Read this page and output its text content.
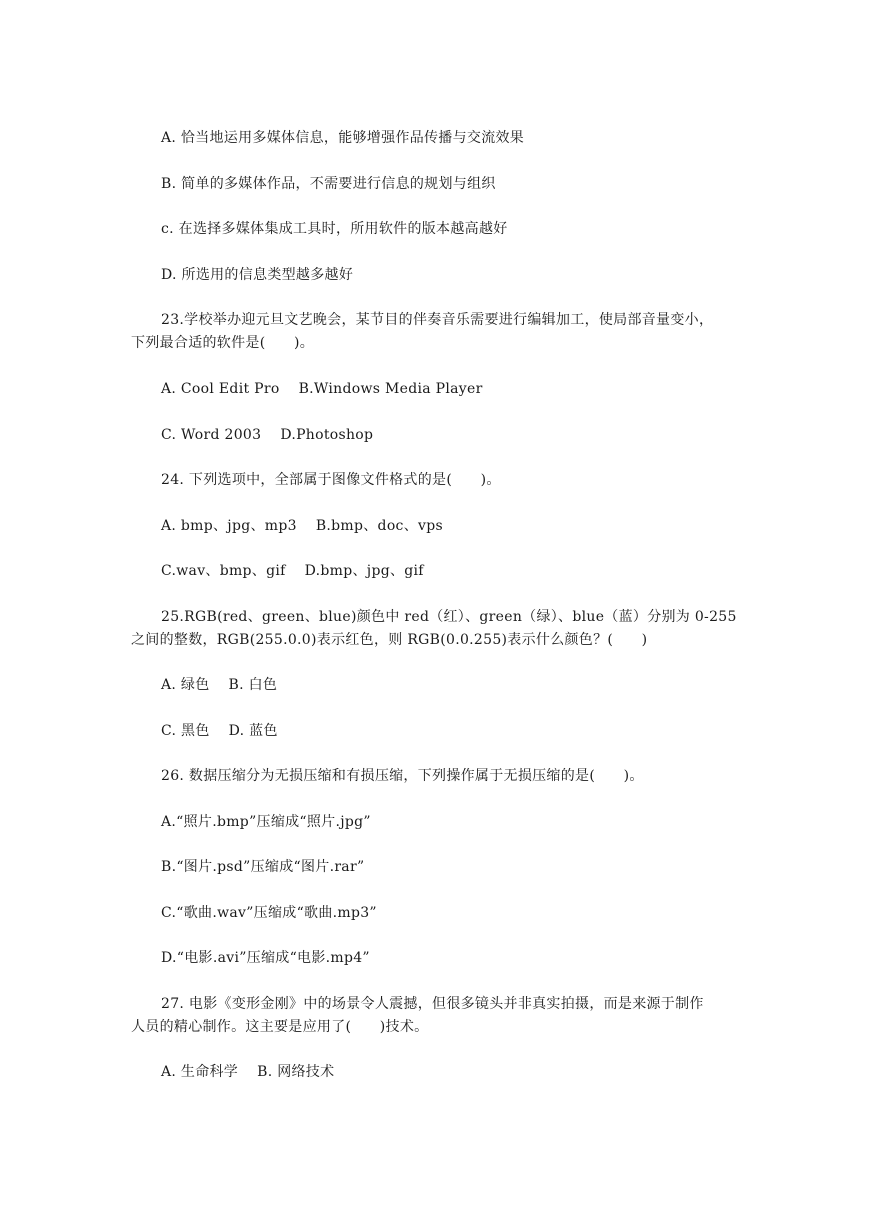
A. 恰当地运用多媒体信息，能够增强作品传播与交流效果
B. 简单的多媒体作品，不需要进行信息的规划与组织
c. 在选择多媒体集成工具时，所用软件的版本越高越好
D. 所选用的信息类型越多越好
23.学校举办迎元旦文艺晚会，某节目的伴奏音乐需要进行编辑加工，使局部音量变小，
下列最合适的软件是(      )。
A. Cool Edit Pro    B.Windows Media Player
C. Word 2003    D.Photoshop
24. 下列选项中，全部属于图像文件格式的是(      )。
A. bmp、jpg、mp3    B.bmp、doc、vps
C.wav、bmp、gif    D.bmp、jpg、gif
25.RGB(red、green、blue)颜色中 red（红）、green（绿）、blue（蓝）分别为 0-255
之间的整数，RGB(255.0.0)表示红色，则 RGB(0.0.255)表示什么颜色？(      )
A. 绿色    B. 白色
C. 黑色    D. 蓝色
26. 数据压缩分为无损压缩和有损压缩，下列操作属于无损压缩的是(      )。
A.“照片.bmp”压缩成“照片.jpg”
B.“图片.psd”压缩成“图片.rar”
C.“歌曲.wav”压缩成“歌曲.mp3”
D.“电影.avi”压缩成“电影.mp4”
27. 电影《变形金刚》中的场景令人震撼，但很多镜头并非真实拍摄，而是来源于制作
人员的精心制作。这主要是应用了(      )技术。
A. 生命科学    B. 网络技术
